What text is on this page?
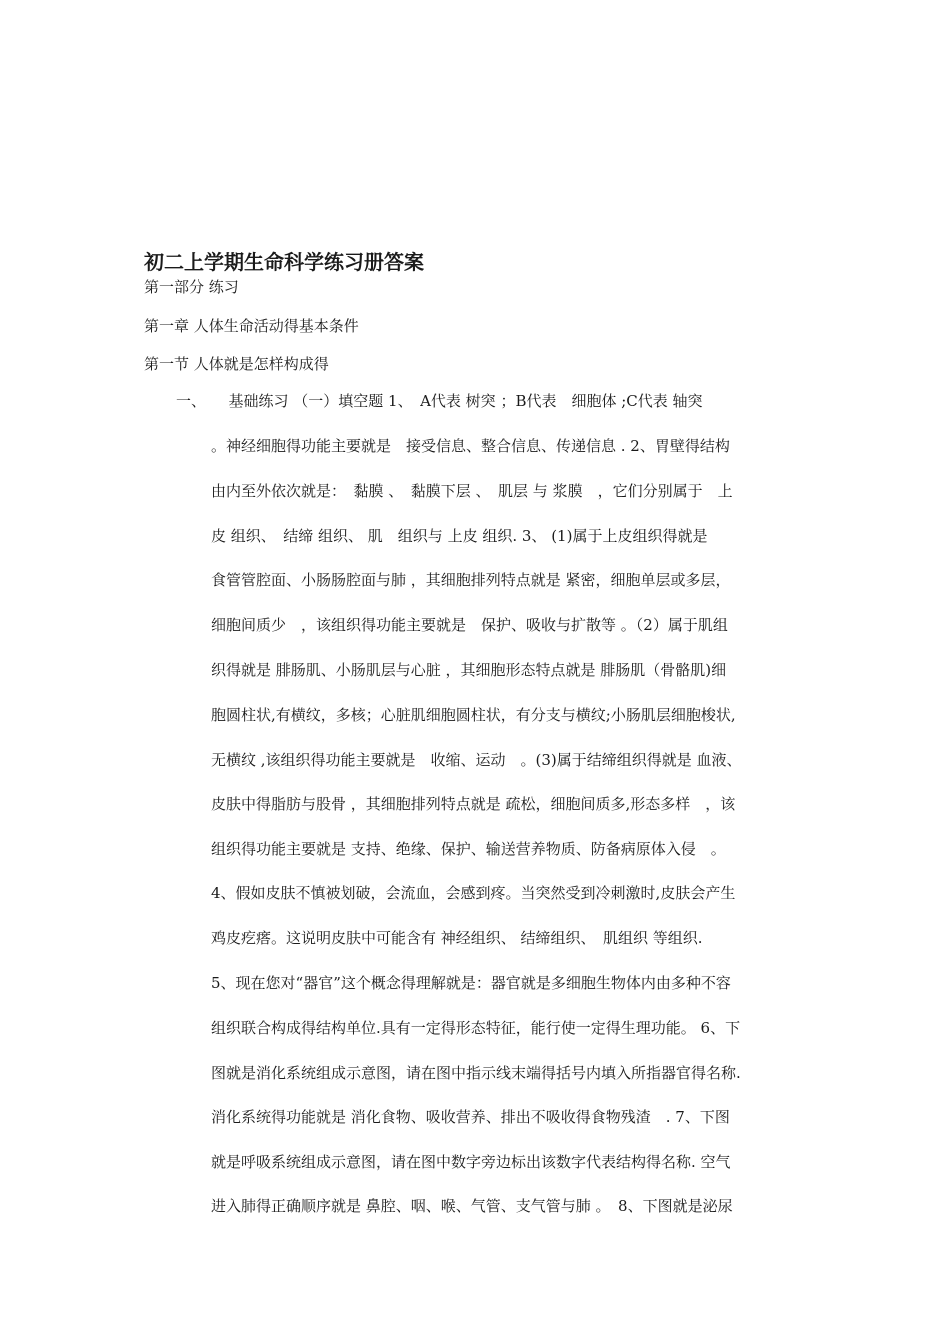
初二上学期生命科学练习册答案

第一部分 练习

第一章 人体生命活动得基本条件

第一节 人体就是怎样构成得

一、　　基础练习 （一）填空题 1、　A代表 树突 ；B代表　细胞体 ;C代表 轴突

。神经细胞得功能主要就是　接受信息、整合信息、传递信息 . 2、胃壁得结构

由内至外依次就是：　黏膜 、　黏膜下层 、　肌层 与 浆膜　，它们分别属于　上

皮 组织、　结缔 组织、 肌　组织与 上皮 组织. 3、 (1)属于上皮组织得就是

食管管腔面、小肠肠腔面与肺 ，其细胞排列特点就是 紧密，细胞单层或多层，

细胞间质少　，该组织得功能主要就是　保护、吸收与扩散等 。（2）属于肌组

织得就是 腓肠肌、小肠肌层与心脏 ，其细胞形态特点就是 腓肠肌（骨骼肌)细

胞圆柱状,有横纹，多核；心脏肌细胞圆柱状，有分支与横纹;小肠肌层细胞梭状,

无横纹 ,该组织得功能主要就是　收缩、运动　。(3)属于结缔组织得就是 血液、

皮肤中得脂肪与股骨 ，其细胞排列特点就是 疏松，细胞间质多,形态多样　，该

组织得功能主要就是 支持、绝缘、保护、输送营养物质、防备病原体入侵　。

4、假如皮肤不慎被划破，会流血，会感到疼。当突然受到冷刺激时,皮肤会产生

鸡皮疙瘩。这说明皮肤中可能含有 神经组织、 结缔组织、　肌组织 等组织.

5、现在您对“器官”这个概念得理解就是：器官就是多细胞生物体内由多种不容

组织联合构成得结构单位.具有一定得形态特征，能行使一定得生理功能。 6、下

图就是消化系统组成示意图，请在图中指示线末端得括号内填入所指器官得名称.

消化系统得功能就是 消化食物、吸收营养、排出不吸收得食物残渣　. 7、下图

就是呼吸系统组成示意图，请在图中数字旁边标出该数字代表结构得名称. 空气

进入肺得正确顺序就是 鼻腔、咽、喉、气管、支气管与肺 。　8、下图就是泌尿
